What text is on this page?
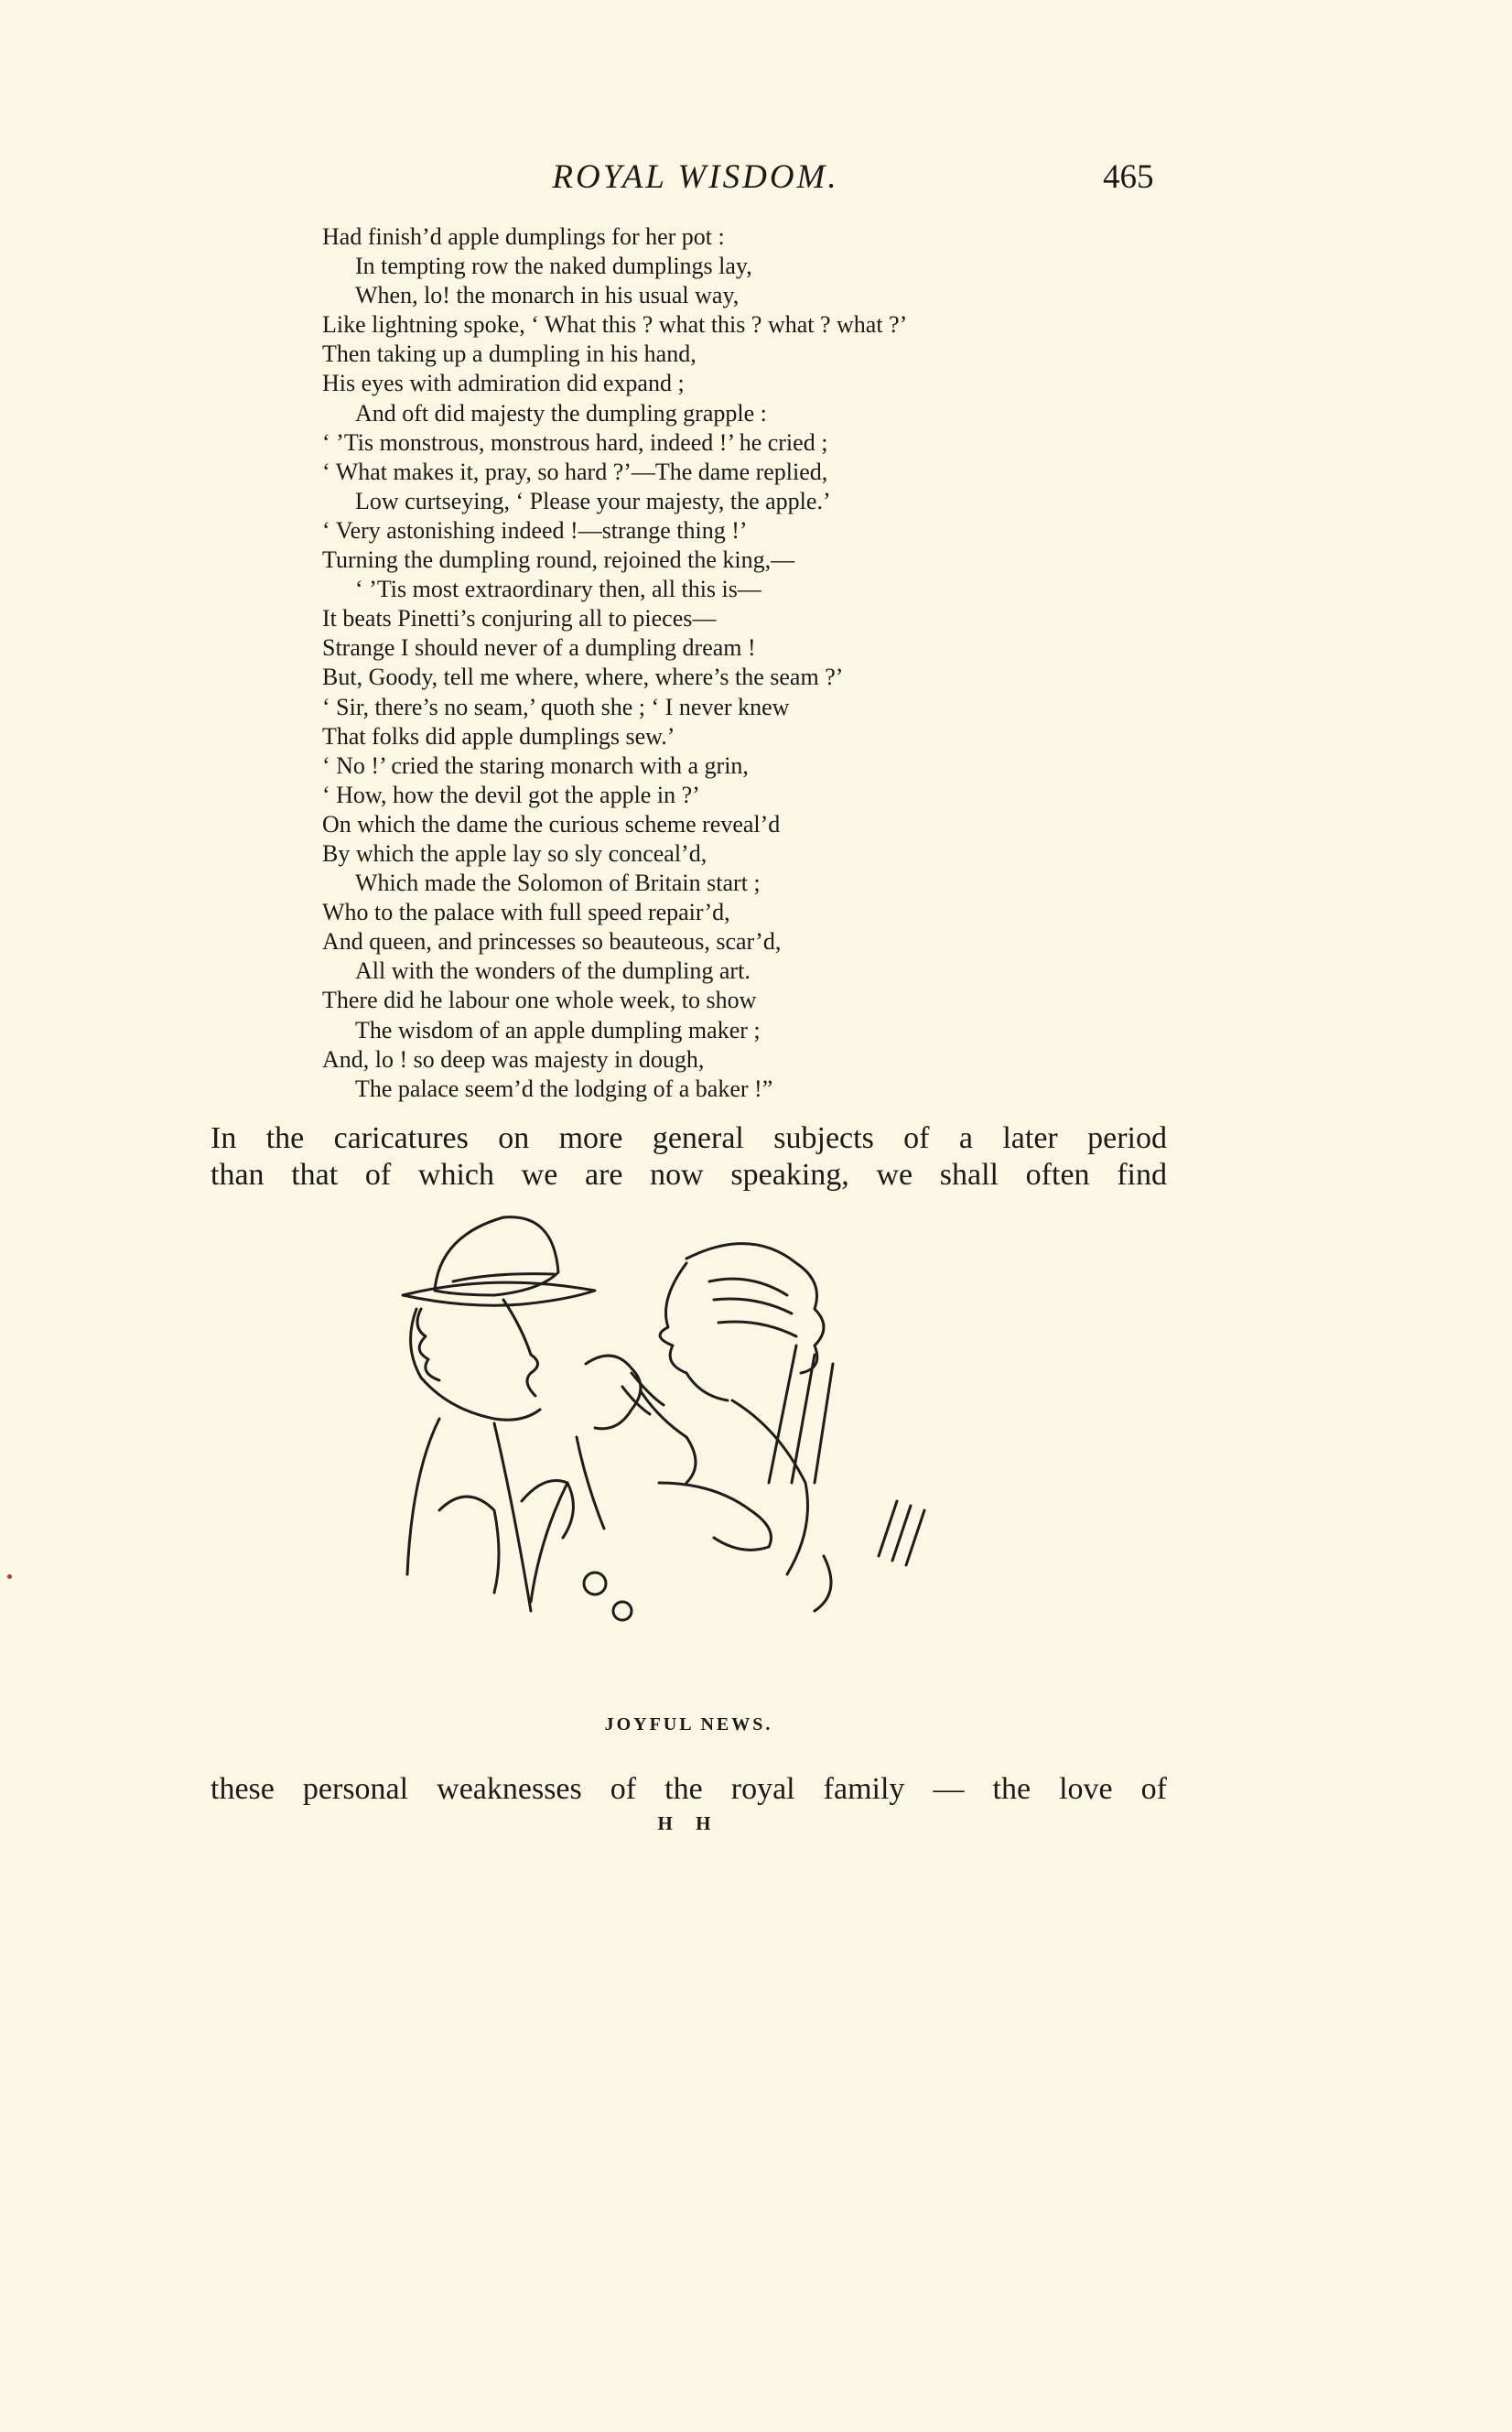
ROYAL WISDOM.	465
Had finish’d apple dumplings for her pot :
In tempting row the naked dumplings lay,
When, lo! the monarch in his usual way,
Like lightning spoke, ‘ What this ? what this ? what ? what ?’
Then taking up a dumpling in his hand,
His eyes with admiration did expand ;
And oft did majesty the dumpling grapple :
‘ ’Tis monstrous, monstrous hard, indeed !’ he cried ;
‘ What makes it, pray, so hard ?’—The dame replied,
Low curtseying, ‘ Please your majesty, the apple.’
‘ Very astonishing indeed !—strange thing !’
Turning the dumpling round, rejoined the king,—
‘ ’Tis most extraordinary then, all this is—
It beats Pinetti’s conjuring all to pieces—
Strange I should never of a dumpling dream !
But, Goody, tell me where, where, where’s the seam ?’
‘ Sir, there’s no seam,’ quoth she ; ‘ I never knew
That folks did apple dumplings sew.’
‘ No !’ cried the staring monarch with a grin,
‘ How, how the devil got the apple in ?’
On which the dame the curious scheme reveal’d
By which the apple lay so sly conceal’d,
Which made the Solomon of Britain start ;
Who to the palace with full speed repair’d,
And queen, and princesses so beauteous, scar’d,
All with the wonders of the dumpling art.
There did he labour one whole week, to show
The wisdom of an apple dumpling maker ;
And, lo ! so deep was majesty in dough,
The palace seem’d the lodging of a baker !”
In the caricatures on more general subjects of a later period
than that of which we are now speaking, we shall often find
JOYFUL NEWS.
these personal weaknesses of the royal family — the love of
H H
